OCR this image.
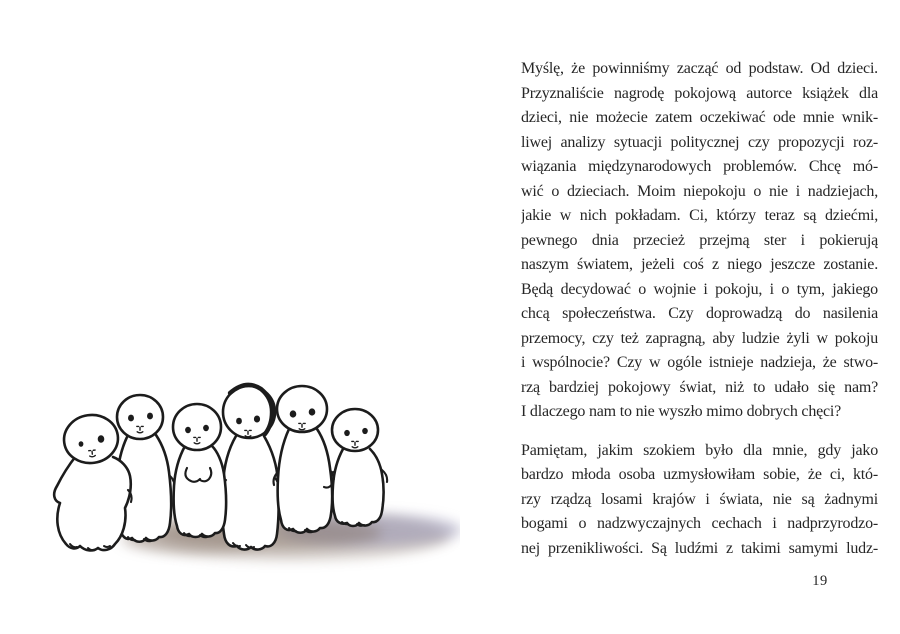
Myślę, że powinniśmy zacząć od podstaw. Od dzieci.
Przyznaliście nagrodę pokojową autorce książek dla
dzieci, nie możecie zatem oczekiwać ode mnie wnik-
liwej analizy sytuacji politycznej czy propozycji roz-
wiązania międzynarodowych problemów. Chcę mó-
wić o dzieciach. Moim niepokoju o nie i nadziejach,
jakie w nich pokładam. Ci, którzy teraz są dziećmi,
pewnego dnia przecież przejmą ster i pokierują
naszym światem, jeżeli coś z niego jeszcze zostanie.
Będą decydować o wojnie i pokoju, i o tym, jakiego
chcą społeczeństwa. Czy doprowadzą do nasilenia
przemocy, czy też zapragną, aby ludzie żyli w pokoju
i wspólnocie? Czy w ogóle istnieje nadzieja, że stwo-
rzą bardziej pokojowy świat, niż to udało się nam?
I dlaczego nam to nie wyszło mimo dobrych chęci?
Pamiętam, jakim szokiem było dla mnie, gdy jako
bardzo młoda osoba uzmysłowiłam sobie, że ci, któ-
rzy rządzą losami krajów i świata, nie są żadnymi
bogami o nadzwyczajnych cechach i nadprzyrodzo-
nej przenikliwości. Są ludźmi z takimi samymi ludz-
19
